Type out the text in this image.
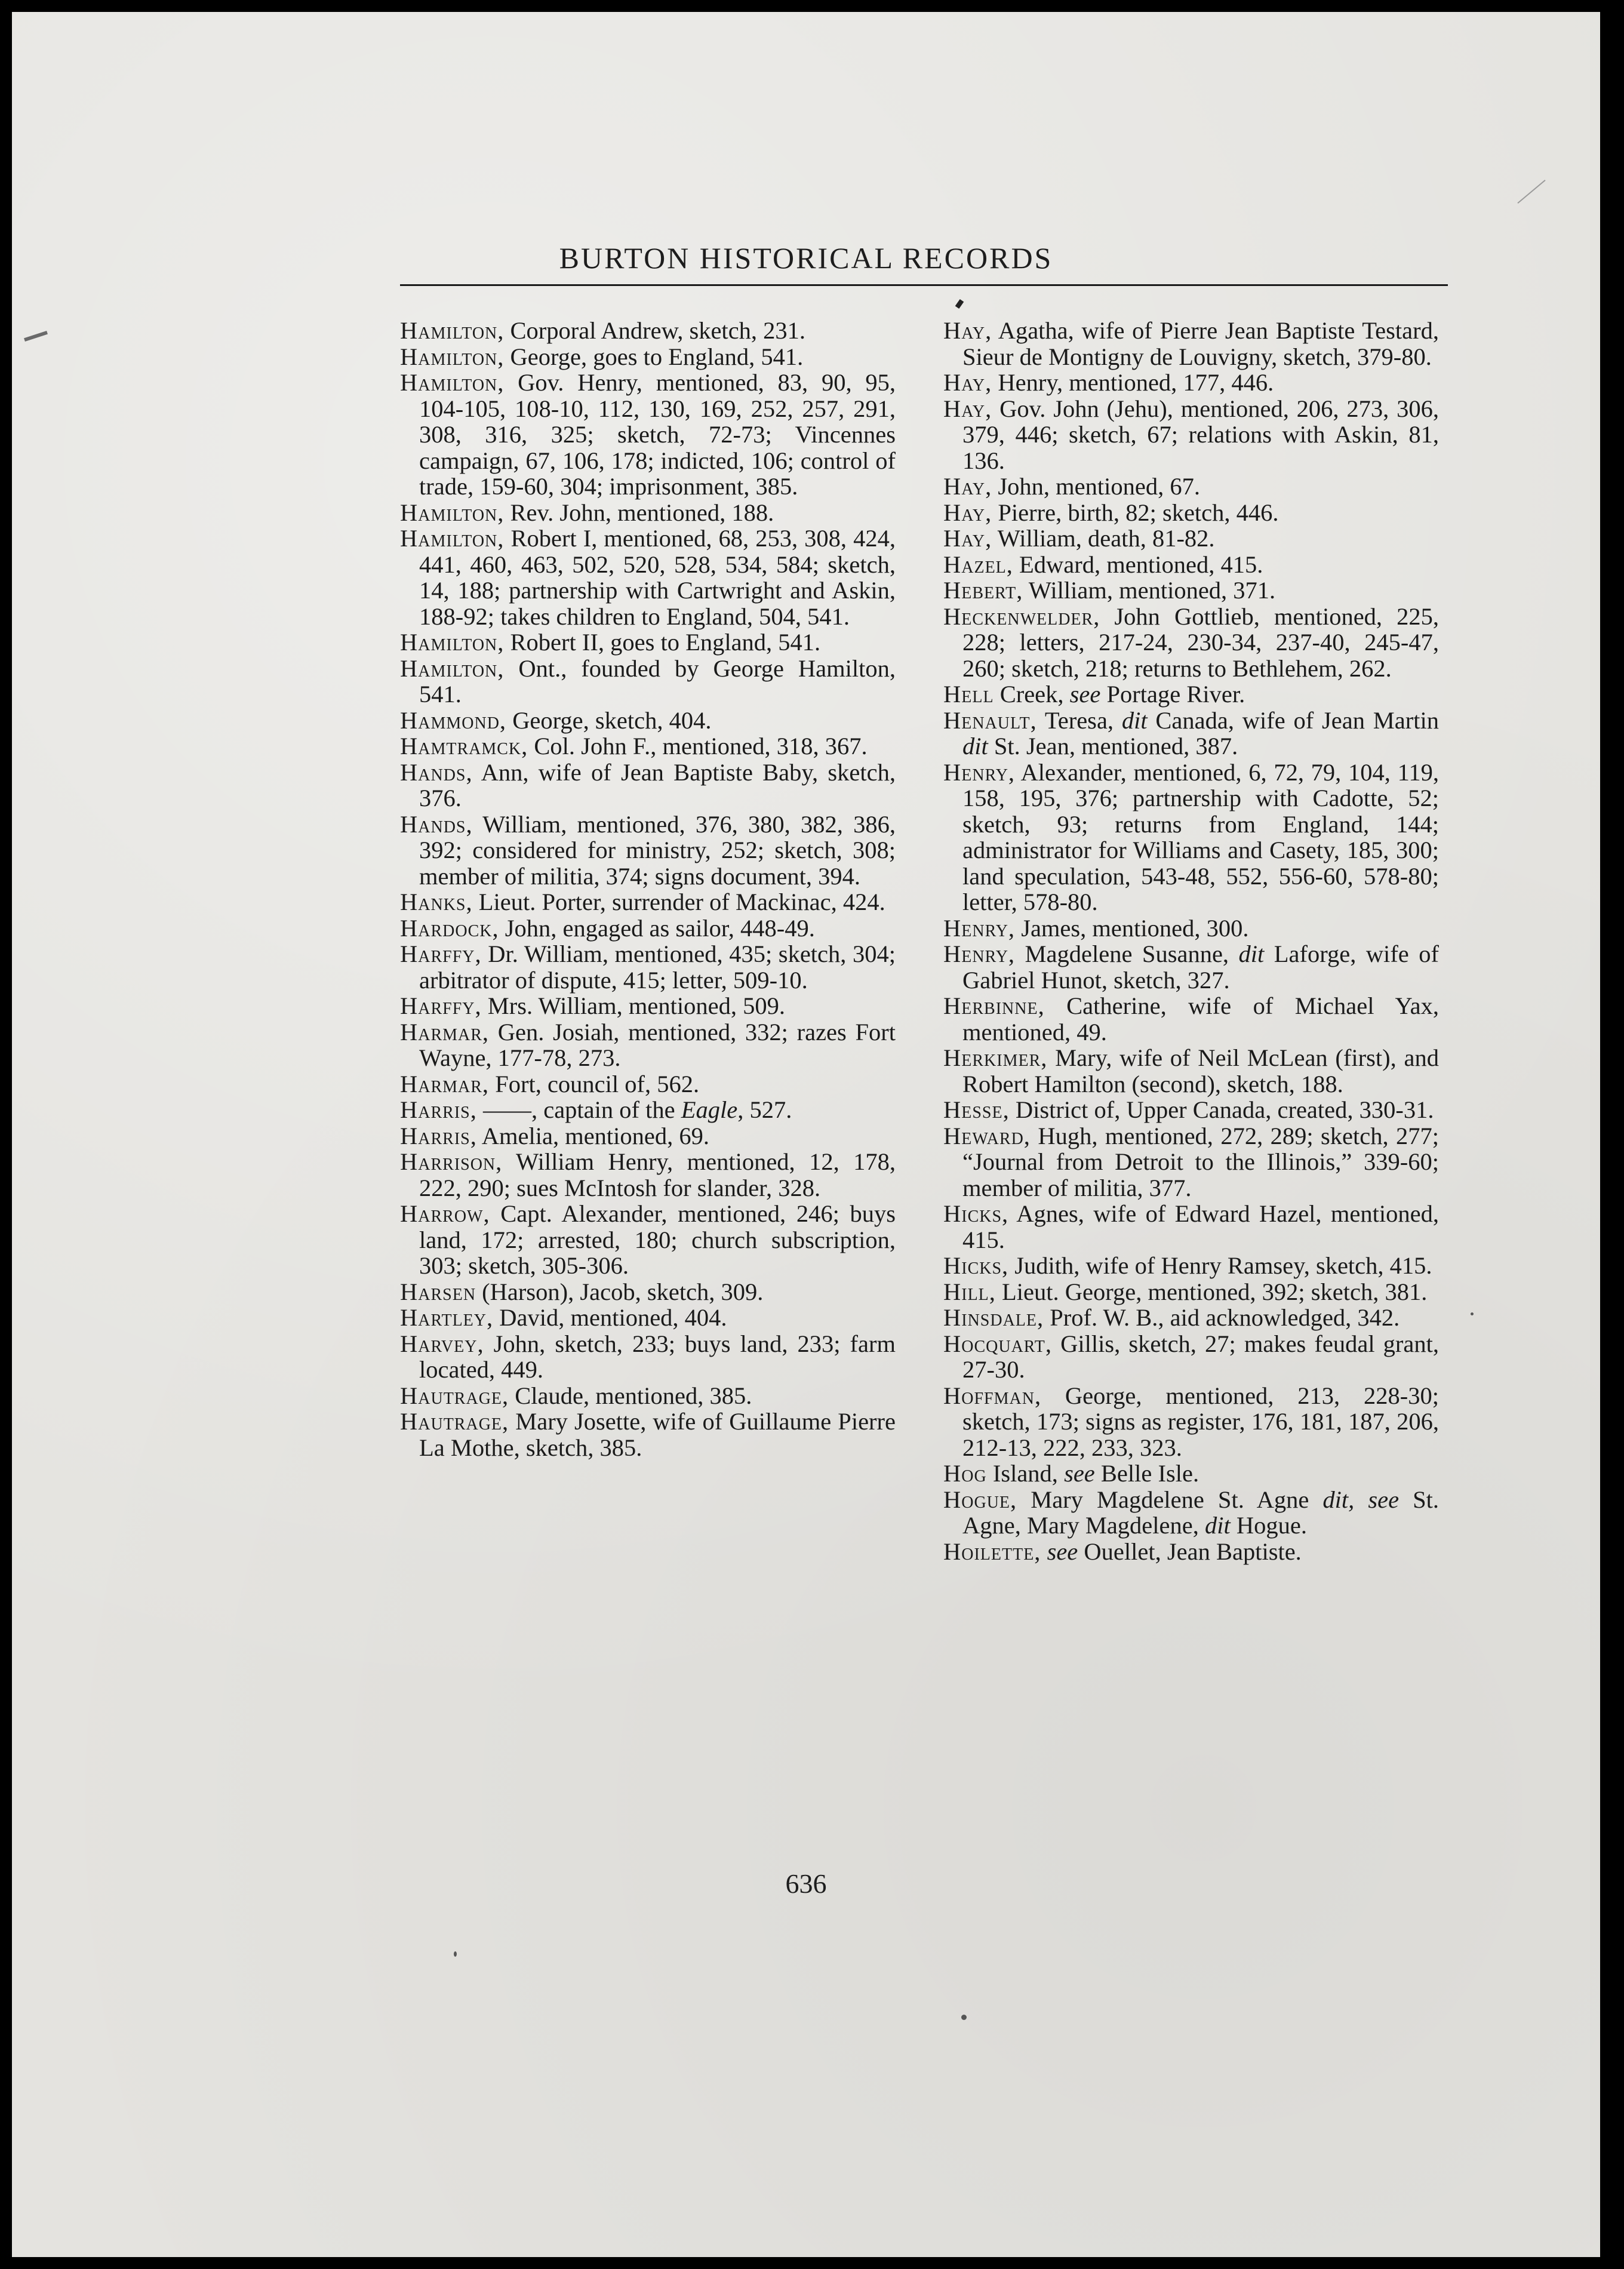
BURTON HISTORICAL RECORDS

Hamilton, Corporal Andrew, sketch, 231.

Hamilton, George, goes to England, 541.

Hamilton, Gov. Henry, mentioned, 83, 90, 95, 104-105, 108-10, 112, 130, 169, 252, 257, 291, 308, 316, 325; sketch, 72-73; Vincennes campaign, 67, 106, 178; indicted, 106; control of trade, 159-60, 304; imprisonment, 385.

Hamilton, Rev. John, mentioned, 188.

Hamilton, Robert I, mentioned, 68, 253, 308, 424, 441, 460, 463, 502, 520, 528, 534, 584; sketch, 14, 188; partnership with Cartwright and Askin, 188-92; takes children to England, 504, 541.

Hamilton, Robert II, goes to England, 541.

Hamilton, Ont., founded by George Hamilton, 541.

Hammond, George, sketch, 404.

Hamtramck, Col. John F., mentioned, 318, 367.

Hands, Ann, wife of Jean Baptiste Baby, sketch, 376.

Hands, William, mentioned, 376, 380, 382, 386, 392; considered for ministry, 252; sketch, 308; member of militia, 374; signs document, 394.

Hanks, Lieut. Porter, surrender of Mackinac, 424.

Hardock, John, engaged as sailor, 448-49.

Harffy, Dr. William, mentioned, 435; sketch, 304; arbitrator of dispute, 415; letter, 509-10.

Harffy, Mrs. William, mentioned, 509.

Harmar, Gen. Josiah, mentioned, 332; razes Fort Wayne, 177-78, 273.

Harmar, Fort, council of, 562.

Harris, ——, captain of the Eagle, 527.

Harris, Amelia, mentioned, 69.

Harrison, William Henry, mentioned, 12, 178, 222, 290; sues McIntosh for slander, 328.

Harrow, Capt. Alexander, mentioned, 246; buys land, 172; arrested, 180; church subscription, 303; sketch, 305-306.

Harsen (Harson), Jacob, sketch, 309.

Hartley, David, mentioned, 404.

Harvey, John, sketch, 233; buys land, 233; farm located, 449.

Hautrage, Claude, mentioned, 385.

Hautrage, Mary Josette, wife of Guillaume Pierre La Mothe, sketch, 385.

Hay, Agatha, wife of Pierre Jean Baptiste Testard, Sieur de Montigny de Louvigny, sketch, 379-80.

Hay, Henry, mentioned, 177, 446.

Hay, Gov. John (Jehu), mentioned, 206, 273, 306, 379, 446; sketch, 67; relations with Askin, 81, 136.

Hay, John, mentioned, 67.

Hay, Pierre, birth, 82; sketch, 446.

Hay, William, death, 81-82.

Hazel, Edward, mentioned, 415.

Hebert, William, mentioned, 371.

Heckenwelder, John Gottlieb, mentioned, 225, 228; letters, 217-24, 230-34, 237-40, 245-47, 260; sketch, 218; returns to Bethlehem, 262.

Hell Creek, see Portage River.

Henault, Teresa, dit Canada, wife of Jean Martin dit St. Jean, mentioned, 387.

Henry, Alexander, mentioned, 6, 72, 79, 104, 119, 158, 195, 376; partnership with Cadotte, 52; sketch, 93; returns from England, 144; administrator for Williams and Casety, 185, 300; land speculation, 543-48, 552, 556-60, 578-80; letter, 578-80.

Henry, James, mentioned, 300.

Henry, Magdelene Susanne, dit Laforge, wife of Gabriel Hunot, sketch, 327.

Herbinne, Catherine, wife of Michael Yax, mentioned, 49.

Herkimer, Mary, wife of Neil McLean (first), and Robert Hamilton (second), sketch, 188.

Hesse, District of, Upper Canada, created, 330-31.

Heward, Hugh, mentioned, 272, 289; sketch, 277; “Journal from Detroit to the Illinois,” 339-60; member of militia, 377.

Hicks, Agnes, wife of Edward Hazel, mentioned, 415.

Hicks, Judith, wife of Henry Ramsey, sketch, 415.

Hill, Lieut. George, mentioned, 392; sketch, 381.

Hinsdale, Prof. W. B., aid acknowledged, 342.

Hocquart, Gillis, sketch, 27; makes feudal grant, 27-30.

Hoffman, George, mentioned, 213, 228-30; sketch, 173; signs as register, 176, 181, 187, 206, 212-13, 222, 233, 323.

Hog Island, see Belle Isle.

Hogue, Mary Magdelene St. Agne dit, see St. Agne, Mary Magdelene, dit Hogue.

Hoilette, see Ouellet, Jean Baptiste.

636
